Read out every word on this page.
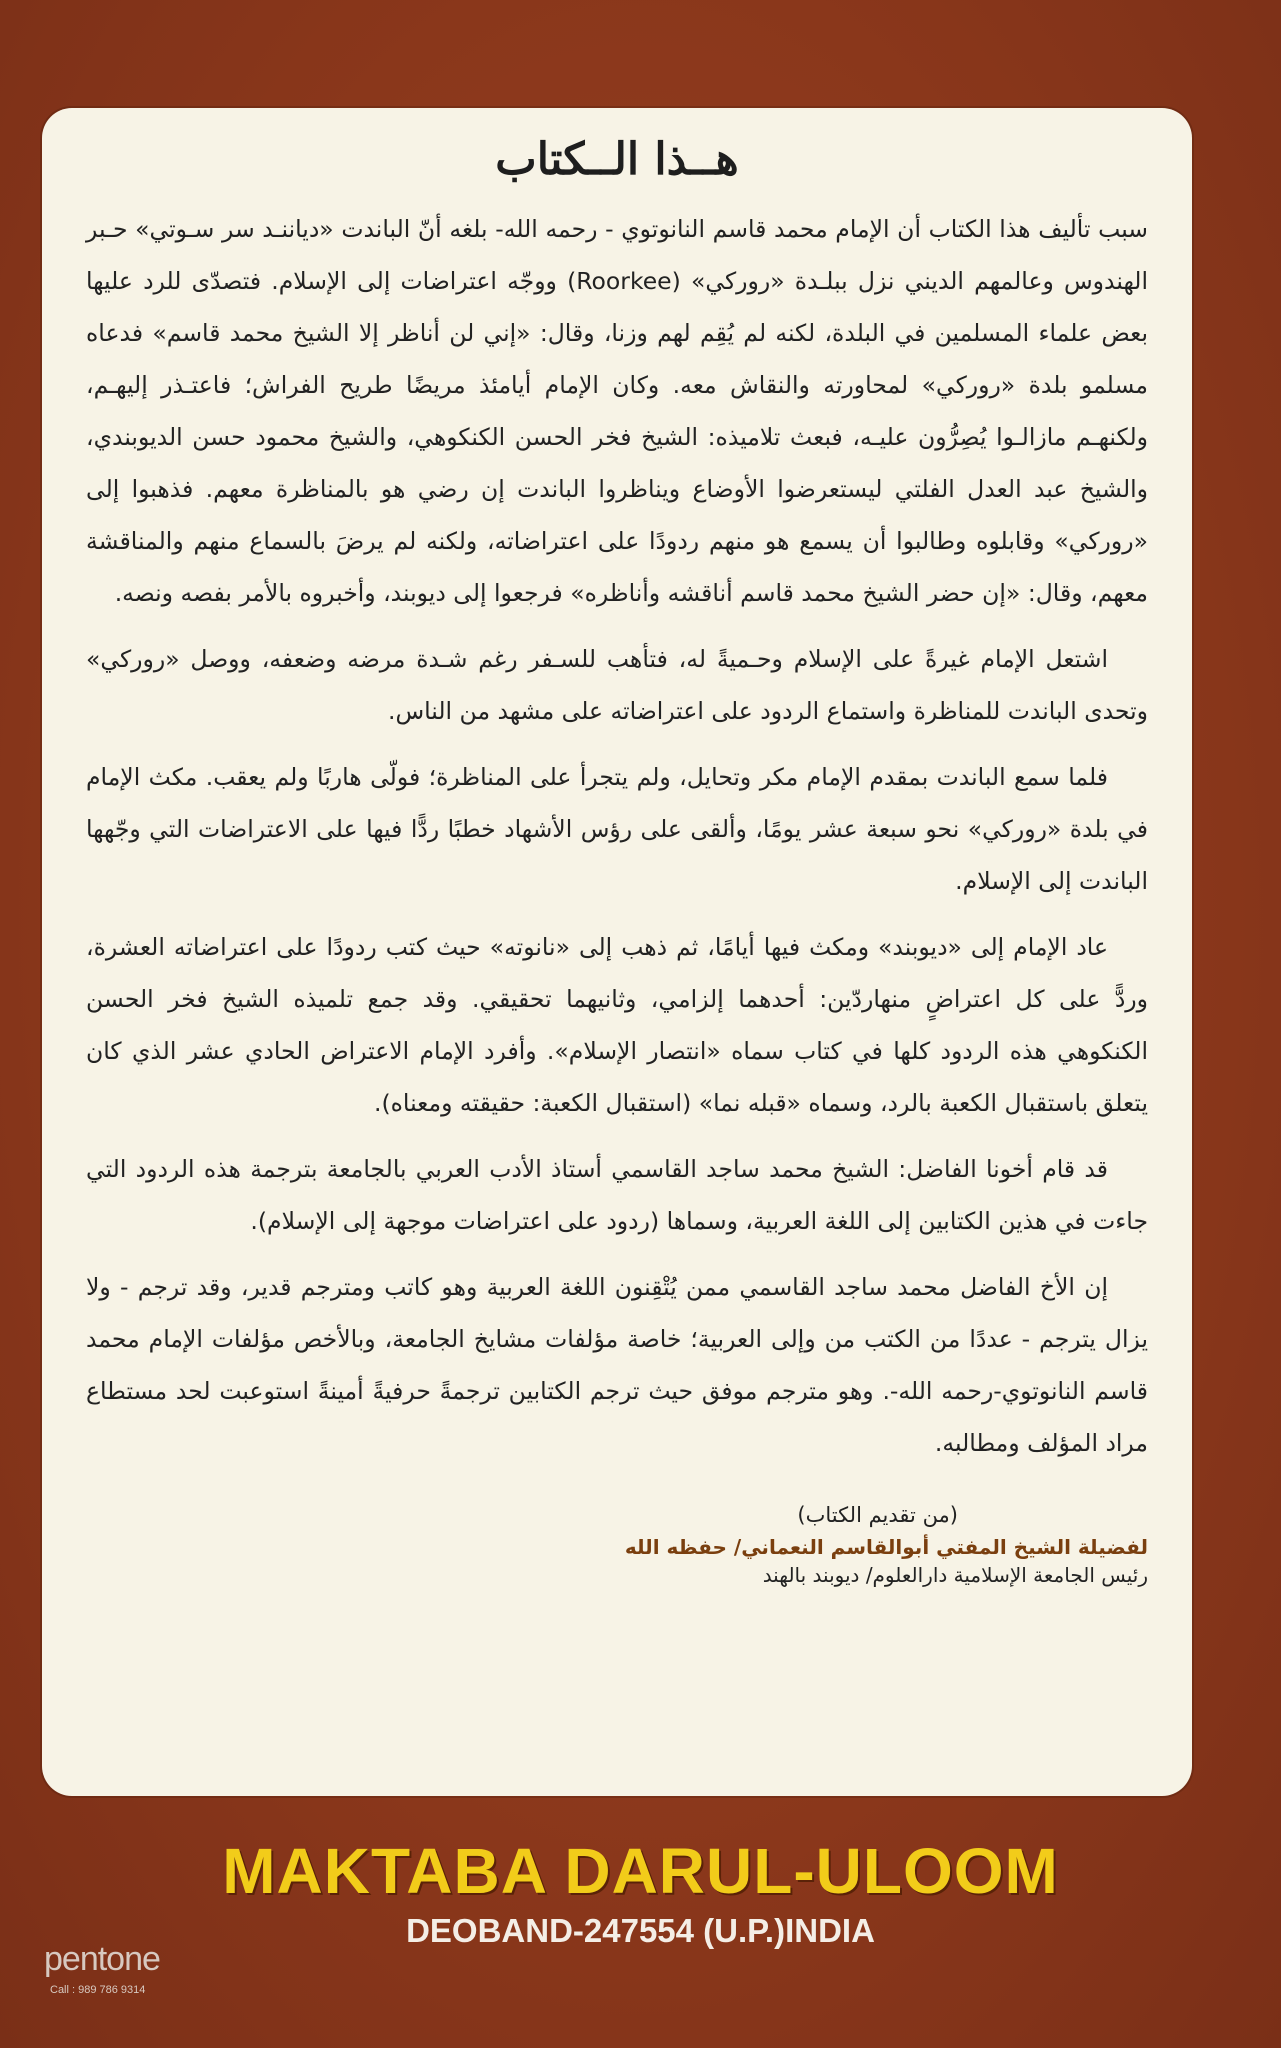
هــذا الــكتاب

سبب تأليف هذا الكتاب أن الإمام محمد قاسم النانوتوي - رحمه الله- بلغه أنّ الباندت «دياننـد سر سـوتي» حـبر الهندوس وعالمهم الديني نزل ببلـدة «روركي» (Roorkee) ووجّه اعتراضات إلى الإسلام. فتصدّى للرد عليها بعض علماء المسلمين في البلدة، لكنه لم يُقِم لهم وزنا، وقال: «إني لن أناظر إلا الشيخ محمد قاسم» فدعاه مسلمو بلدة «روركي» لمحاورته والنقاش معه. وكان الإمام أيامئذ مريضًا طريح الفراش؛ فاعتـذر إليهـم، ولكنهـم مازالـوا يُصِرُّون عليـه، فبعث تلاميذه: الشيخ فخر الحسن الكنكوهي، والشيخ محمود حسن الديوبندي، والشيخ عبد العدل الفلتي ليستعرضوا الأوضاع ويناظروا الباندت إن رضي هو بالمناظرة معهم. فذهبوا إلى «روركي» وقابلوه وطالبوا أن يسمع هو منهم ردودًا على اعتراضاته، ولكنه لم يرضَ بالسماع منهم والمناقشة معهم، وقال: «إن حضر الشيخ محمد قاسم أناقشه وأناظره» فرجعوا إلى ديوبند، وأخبروه بالأمر بفصه ونصه.

اشتعل الإمام غيرةً على الإسلام وحـميةً له، فتأهب للسـفر رغم شـدة مرضه وضعفه، ووصل «روركي» وتحدى الباندت للمناظرة واستماع الردود على اعتراضاته على مشهد من الناس.

فلما سمع الباندت بمقدم الإمام مكر وتحايل، ولم يتجرأ على المناظرة؛ فولّى هاربًا ولم يعقب. مكث الإمام في بلدة «روركي» نحو سبعة عشر يومًا، وألقى على رؤس الأشهاد خطبًا ردًّا فيها على الاعتراضات التي وجّهها الباندت إلى الإسلام.

عاد الإمام إلى «ديوبند» ومكث فيها أيامًا، ثم ذهب إلى «نانوته» حيث كتب ردودًا على اعتراضاته العشرة، وردًّ على كل اعتراضٍ منهاردّين: أحدهما إلزامي، وثانيهما تحقيقي. وقد جمع تلميذه الشيخ فخر الحسن الكنكوهي هذه الردود كلها في كتاب سماه «انتصار الإسلام». وأفرد الإمام الاعتراض الحادي عشر الذي كان يتعلق باستقبال الكعبة بالرد، وسماه «قبله نما» (استقبال الكعبة: حقيقته ومعناه).

قد قام أخونا الفاضل: الشيخ محمد ساجد القاسمي أستاذ الأدب العربي بالجامعة بترجمة هذه الردود التي جاءت في هذين الكتابين إلى اللغة العربية، وسماها (ردود على اعتراضات موجهة إلى الإسلام).

إن الأخ الفاضل محمد ساجد القاسمي ممن يُتْقِنون اللغة العربية وهو كاتب ومترجم قدير، وقد ترجم - ولا يزال يترجم - عددًا من الكتب من وإلى العربية؛ خاصة مؤلفات مشايخ الجامعة، وبالأخص مؤلفات الإمام محمد قاسم النانوتوي-رحمه الله-. وهو مترجم موفق حيث ترجم الكتابين ترجمةً حرفيةً أمينةً استوعبت لحد مستطاع مراد المؤلف ومطالبه.

(من تقديم الكتاب)
لفضيلة الشيخ المفتي أبوالقاسم النعماني/ حفظه الله
رئيس الجامعة الإسلامية دارالعلوم/ ديوبند بالهند
MAKTABA DARUL-ULOOM
DEOBAND-247554 (U.P.)INDIA
pentone
Call : 989 786 9314
